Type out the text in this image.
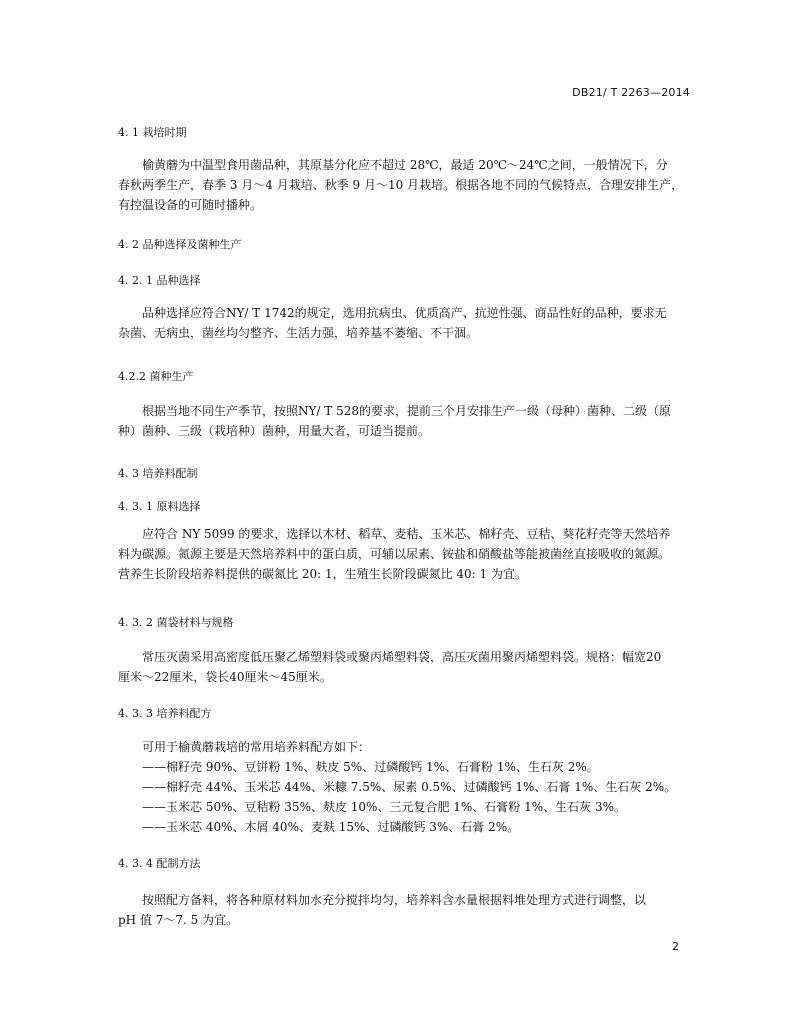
DB21/ T 2263—2014
4. 1 栽培时期
榆黄蘑为中温型食用菌品种，其原基分化应不超过 28℃，最适 20℃～24℃之间，一般情况下，分
春秋两季生产，春季 3 月～4 月栽培、秋季 9 月～10 月栽培。根据各地不同的气候特点，合理安排生产，
有控温设备的可随时播种。
4. 2 品种选择及菌种生产
4. 2. 1 品种选择
品种选择应符合NY/ T 1742的规定，选用抗病虫、优质高产、抗逆性强、商品性好的品种，要求无
杂菌、无病虫，菌丝均匀整齐、生活力强，培养基不萎缩、不干涸。
4.2.2 菌种生产
根据当地不同生产季节，按照NY/ T 528的要求，提前三个月安排生产一级（母种）菌种、二级（原
种）菌种、三级（栽培种）菌种，用量大者，可适当提前。
4. 3 培养料配制
4. 3. 1 原料选择
应符合 NY 5099 的要求，选择以木材、稻草、麦秸、玉米芯、棉籽壳、豆秸、葵花籽壳等天然培养
料为碳源。氮源主要是天然培养料中的蛋白质，可辅以尿素、铵盐和硝酸盐等能被菌丝直接吸收的氮源。
营养生长阶段培养料提供的碳氮比 20: 1，生殖生长阶段碳氮比 40: 1 为宜。
4. 3. 2 菌袋材料与规格
常压灭菌采用高密度低压聚乙烯塑料袋或聚丙烯塑料袋，高压灭菌用聚丙烯塑料袋。规格：幅宽20
厘米～22厘米，袋长40厘米～45厘米。
4. 3. 3 培养料配方
可用于榆黄蘑栽培的常用培养料配方如下：
——棉籽壳 90%、豆饼粉 1%、麸皮 5%、过磷酸钙 1%、石膏粉 1%、生石灰 2%。
——棉籽壳 44%、玉米芯 44%、米糠 7.5%、尿素 0.5%、过磷酸钙 1%、石膏 1%、生石灰 2%。
——玉米芯 50%、豆秸粉 35%、麸皮 10%、三元复合肥 1%、石膏粉 1%、生石灰 3%。
——玉米芯 40%、木屑 40%、麦麸 15%、过磷酸钙 3%、石膏 2%。
4. 3. 4 配制方法
按照配方备料，将各种原材料加水充分搅拌均匀，培养料含水量根据料堆处理方式进行调整，以
pH 值 7～7. 5 为宜。
2
